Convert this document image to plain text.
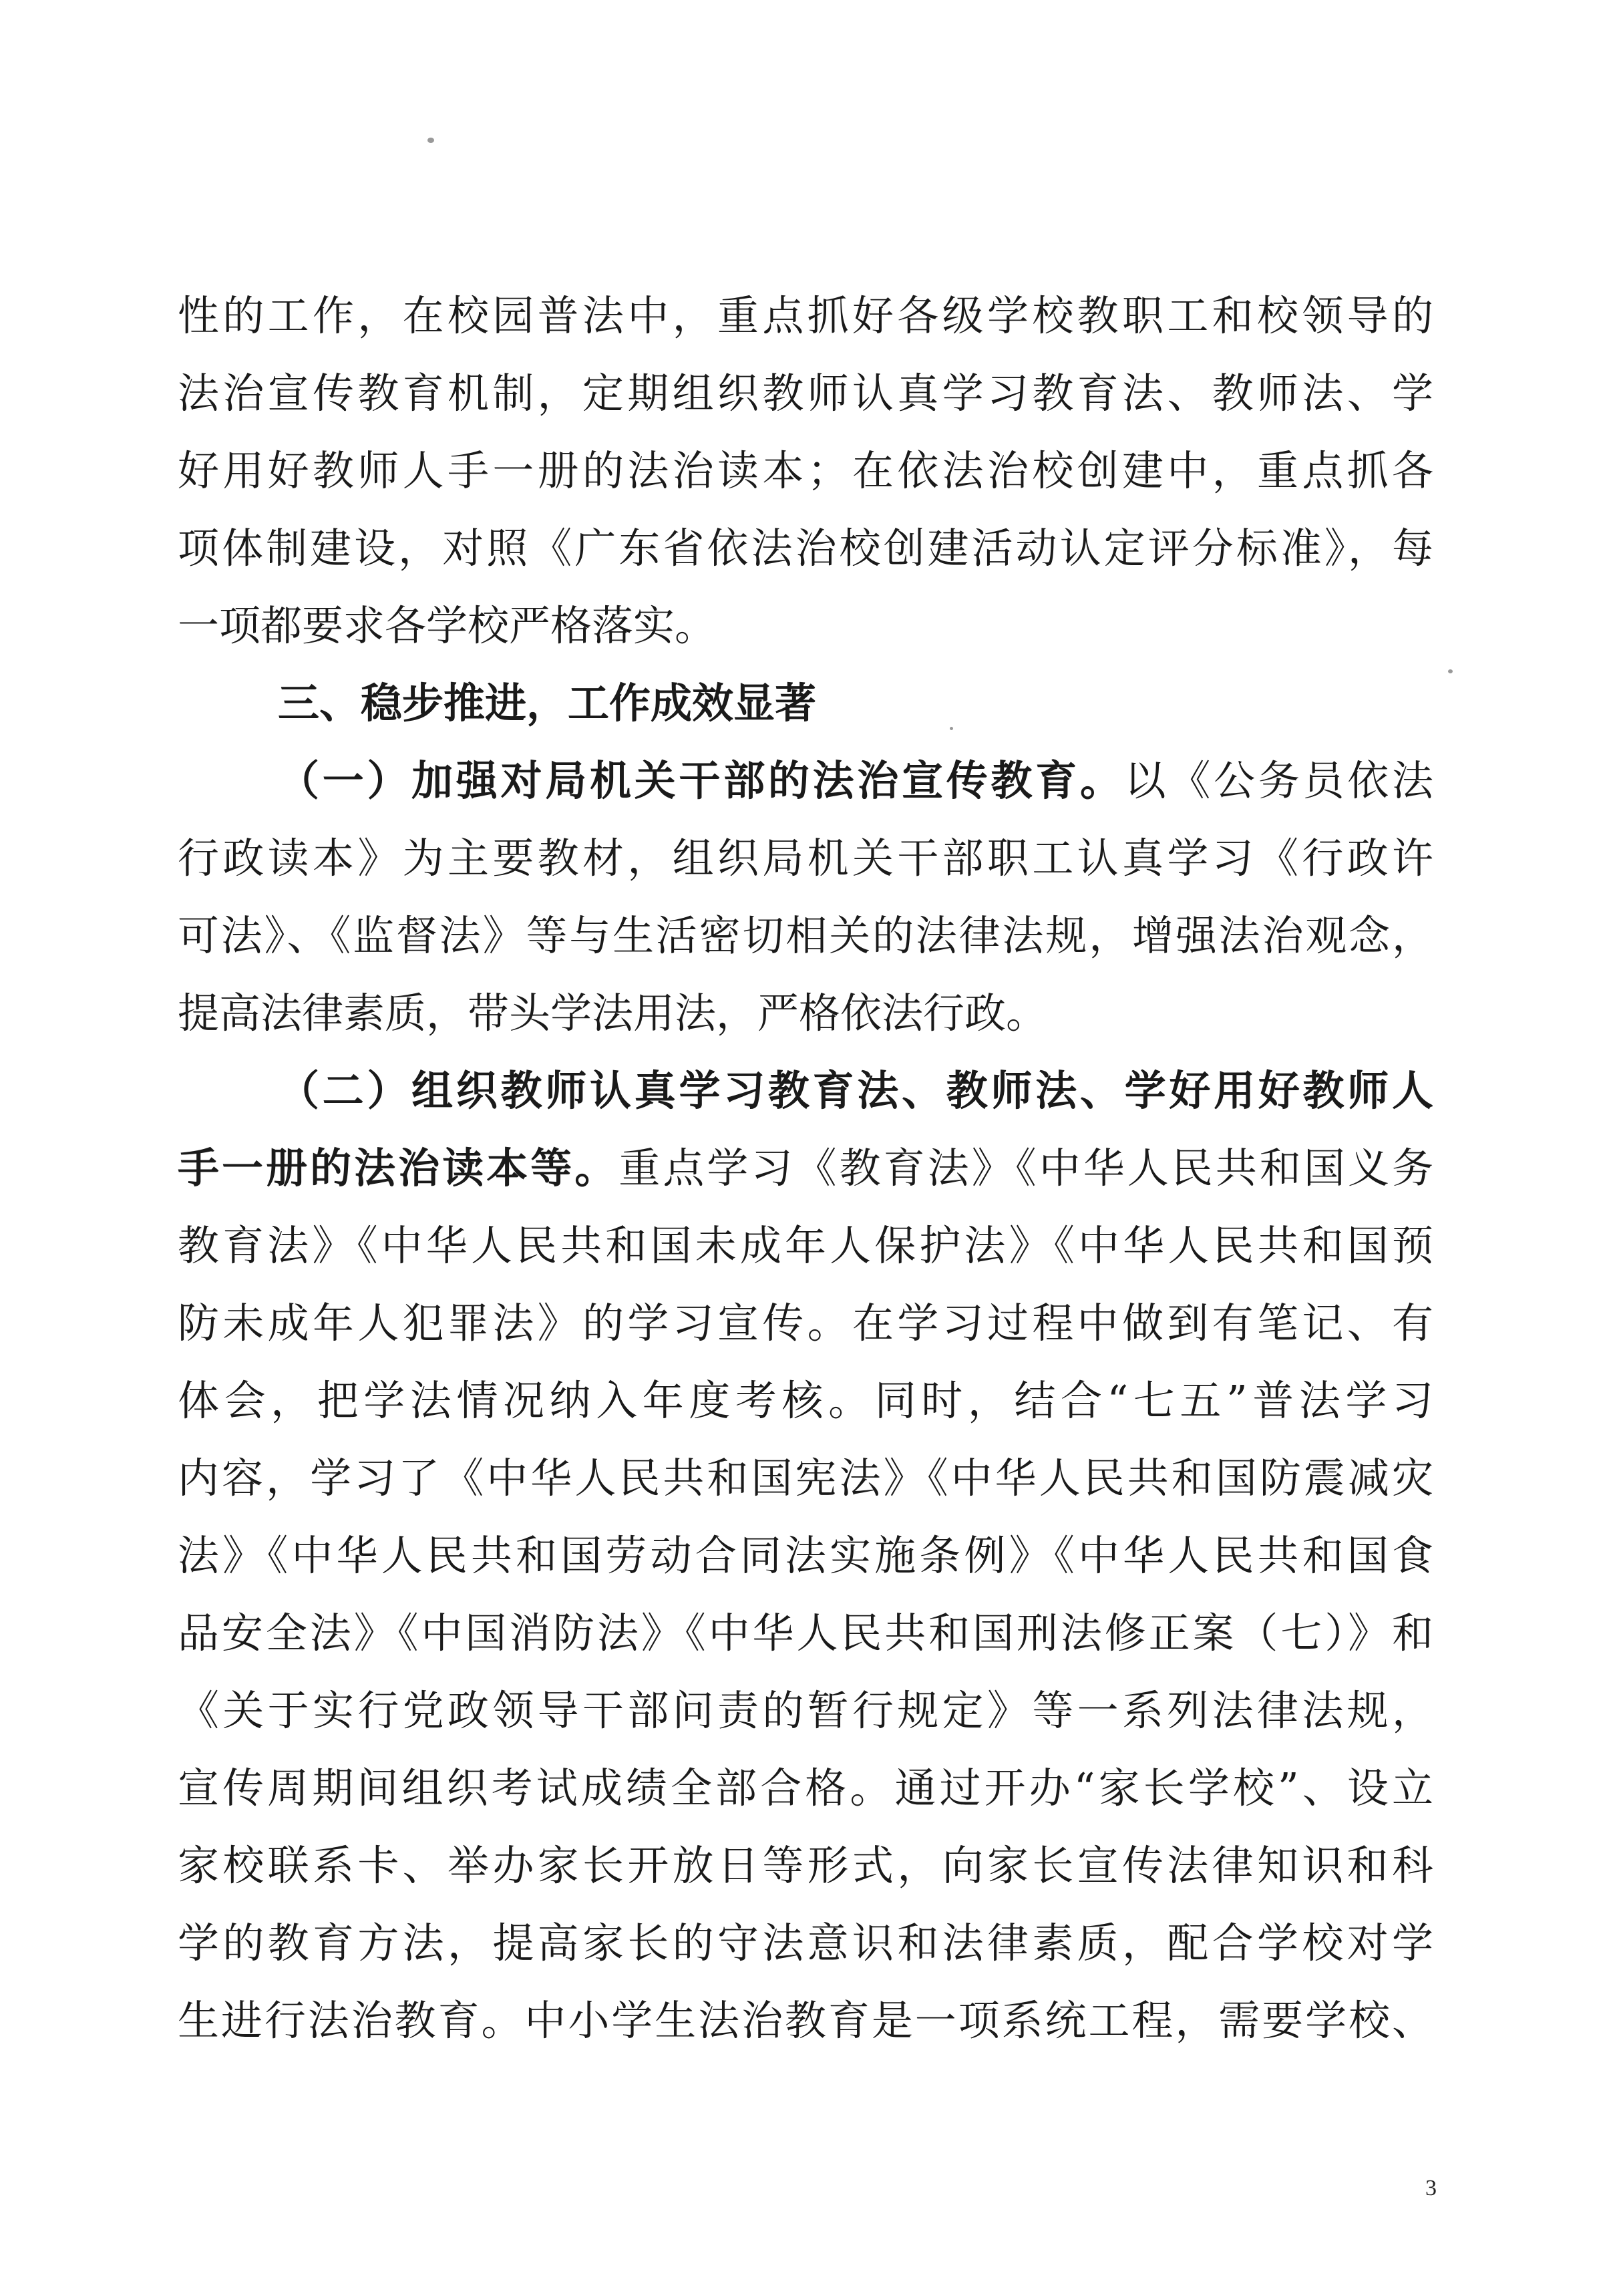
性的工作，在校园普法中，重点抓好各级学校教职工和校领导的
法治宣传教育机制，定期组织教师认真学习教育法、教师法、学
好用好教师人手一册的法治读本；在依法治校创建中，重点抓各
项体制建设，对照《广东省依法治校创建活动认定评分标准》，每
一项都要求各学校严格落实。
三、稳步推进，工作成效显著
（一）加强对局机关干部的法治宣传教育。以《公务员依法
行政读本》为主要教材，组织局机关干部职工认真学习《行政许
可法》、《监督法》等与生活密切相关的法律法规，增强法治观念，
提高法律素质，带头学法用法，严格依法行政。
（二）组织教师认真学习教育法、教师法、学好用好教师人
手一册的法治读本等。重点学习《教育法》《中华人民共和国义务
教育法》《中华人民共和国未成年人保护法》《中华人民共和国预
防未成年人犯罪法》的学习宣传。在学习过程中做到有笔记、有
体会，把学法情况纳入年度考核。同时，结合“七五”普法学习
内容，学习了《中华人民共和国宪法》《中华人民共和国防震减灾
法》《中华人民共和国劳动合同法实施条例》《中华人民共和国食
品安全法》《中国消防法》《中华人民共和国刑法修正案（七）》和
《关于实行党政领导干部问责的暂行规定》等一系列法律法规，
宣传周期间组织考试成绩全部合格。通过开办“家长学校”、设立
家校联系卡、举办家长开放日等形式，向家长宣传法律知识和科
学的教育方法，提高家长的守法意识和法律素质，配合学校对学
生进行法治教育。中小学生法治教育是一项系统工程，需要学校、
3
